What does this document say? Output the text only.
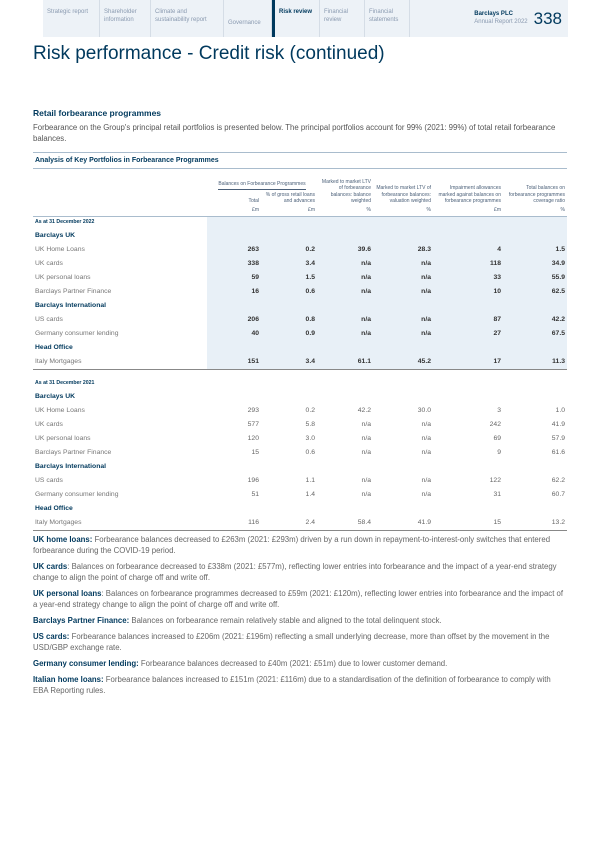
Strategic report	Shareholder information
Climate and sustainability report
Governance
Risk review	Financial review
Financial statements
Barclays PLC
Annual Report 2022 338
Risk performance - Credit risk (continued)
Retail forbearance programmes
Forbearance on the Group's principal retail portfolios is presented below. The principal portfolios account for 99% (2021: 99%) of total retail forbearance balances.
Analysis of Key Portfolios in Forbearance Programmes
	Balances on Forbearance Programmes		Marked to market LTV of forbearance balances: balance weighted	Marked to market LTV of forbearance balances: valuation weighted	Impairment allowances marked against balances on forbearance programmes	Total balances on forbearance programmes coverage ratio
	Total	% of gross retail loans and advances				
	£m	£m	%	%	£m	%
As at 31 December 2022						
Barclays UK						
UK Home Loans	263	0.2	39.6	28.3	4	1.5
UK cards	338	3.4	n/a	n/a	118	34.9
UK personal loans	59	1.5	n/a	n/a	33	55.9
Barclays Partner Finance	16	0.6	n/a	n/a	10	62.5
Barclays International						
US cards	206	0.8	n/a	n/a	87	42.2
Germany consumer lending	40	0.9	n/a	n/a	27	67.5
Head Office						
Italy Mortgages	151	3.4	61.1	45.2	17	11.3

As at 31 December 2021						
Barclays UK						
UK Home Loans	293	0.2	42.2	30.0	3	1.0
UK cards	577	5.8	n/a	n/a	242	41.9
UK personal loans	120	3.0	n/a	n/a	69	57.9
Barclays Partner Finance	15	0.6	n/a	n/a	9	61.6
Barclays International						
US cards	196	1.1	n/a	n/a	122	62.2
Germany consumer lending	51	1.4	n/a	n/a	31	60.7
Head Office						
Italy Mortgages	116	2.4	58.4	41.9	15	13.2

UK home loans: Forbearance balances decreased to £263m (2021: £293m) driven by a run down in repayment-to-interest-only switches that entered forbearance during the COVID-19 period.

UK cards: Balances on forbearance decreased to £338m (2021: £577m), reflecting lower entries into forbearance and the impact of a year-end strategy change to align the point of charge off and write off.

UK personal loans: Balances on forbearance programmes decreased to £59m (2021: £120m), reflecting lower entries into forbearance and the impact of a year-end strategy change to align the point of charge off and write off.

Barclays Partner Finance: Balances on forbearance remain relatively stable and aligned to the total delinquent stock.

US cards: Forbearance balances increased to £206m (2021: £196m) reflecting a small underlying decrease, more than offset by the movement in the USD/GBP exchange rate.

Germany consumer lending: Forbearance balances decreased to £40m (2021: £51m) due to lower customer demand.

Italian home loans: Forbearance balances increased to £151m (2021: £116m) due to a standardisation of the definition of forbearance to comply with EBA Reporting rules.
